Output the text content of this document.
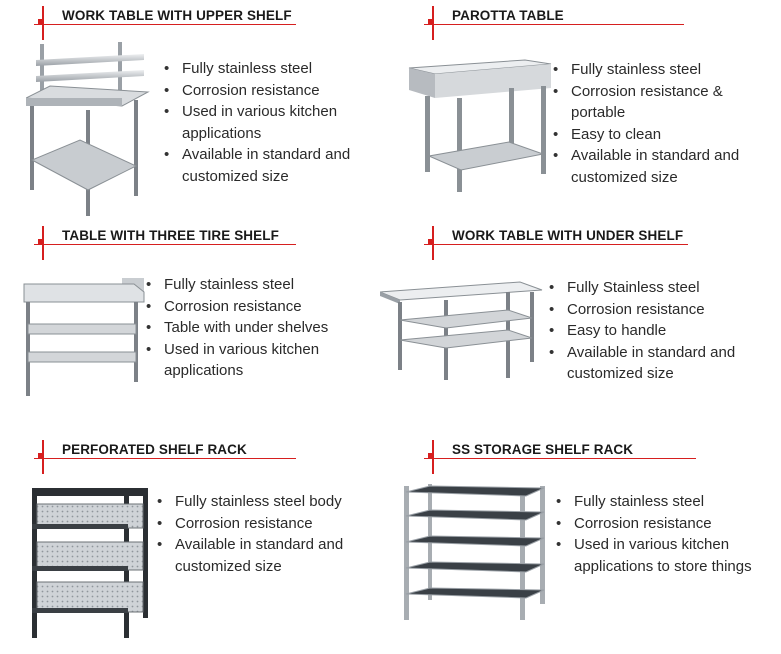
WORK TABLE WITH UPPER SHELF
• Fully stainless steel
• Corrosion resistance
• Used in various kitchen applications
• Available in standard and customized size
PAROTTA TABLE
• Fully stainless steel
• Corrosion resistance & portable
• Easy to clean
• Available in standard and customized size
TABLE WITH THREE TIRE SHELF
• Fully stainless steel
• Corrosion resistance
• Table with under shelves
• Used in various kitchen applications
WORK TABLE WITH UNDER SHELF
• Fully Stainless steel
• Corrosion resistance
• Easy to handle
• Available in standard and customized size
PERFORATED SHELF RACK
• Fully stainless steel body
• Corrosion resistance
• Available in standard and customized size
SS STORAGE SHELF RACK
• Fully stainless steel
• Corrosion resistance
• Used in various kitchen applications to store things
